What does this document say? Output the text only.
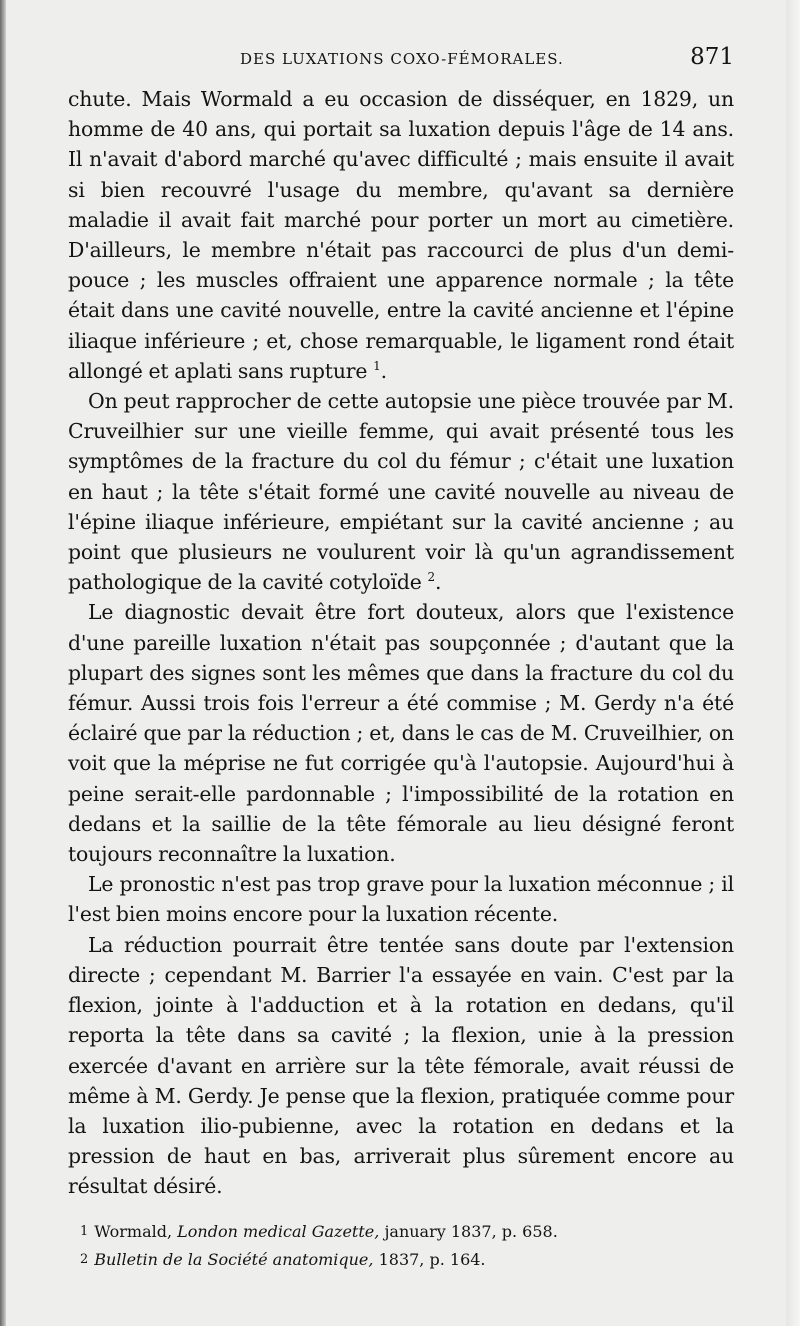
DES LUXATIONS COXO-FÉMORALES.	871

chute. Mais Wormald a eu occasion de disséquer, en 1829, un homme de 40 ans, qui portait sa luxation depuis l'âge de 14 ans. Il n'avait d'abord marché qu'avec difficulté ; mais ensuite il avait si bien recouvré l'usage du membre, qu'avant sa dernière maladie il avait fait marché pour porter un mort au cimetière. D'ailleurs, le membre n'était pas raccourci de plus d'un demi-pouce ; les muscles offraient une apparence normale ; la tête était dans une cavité nouvelle, entre la cavité ancienne et l'épine iliaque inférieure ; et, chose remarquable, le ligament rond était allongé et aplati sans rupture $^1$.

On peut rapprocher de cette autopsie une pièce trouvée par M. Cruveilhier sur une vieille femme, qui avait présenté tous les symptômes de la fracture du col du fémur ; c'était une luxation en haut ; la tête s'était formé une cavité nouvelle au niveau de l'épine iliaque inférieure, empiétant sur la cavité ancienne ; au point que plusieurs ne voulurent voir là qu'un agrandissement pathologique de la cavité cotyloïde $^2$.

Le diagnostic devait être fort douteux, alors que l'existence d'une pareille luxation n'était pas soupçonnée ; d'autant que la plupart des signes sont les mêmes que dans la fracture du col du fémur. Aussi trois fois l'erreur a été commise ; M. Gerdy n'a été éclairé que par la réduction ; et, dans le cas de M. Cruveilhier, on voit que la méprise ne fut corrigée qu'à l'autopsie. Aujourd'hui à peine serait-elle pardonnable ; l'impossibilité de la rotation en dedans et la saillie de la tête fémorale au lieu désigné feront toujours reconnaître la luxation.

Le pronostic n'est pas trop grave pour la luxation méconnue ; il l'est bien moins encore pour la luxation récente.

La réduction pourrait être tentée sans doute par l'extension directe ; cependant M. Barrier l'a essayée en vain. C'est par la flexion, jointe à l'adduction et à la rotation en dedans, qu'il reporta la tête dans sa cavité ; la flexion, unie à la pression exercée d'avant en arrière sur la tête fémorale, avait réussi de même à M. Gerdy. Je pense que la flexion, pratiquée comme pour la luxation ilio-pubienne, avec la rotation en dedans et la pression de haut en bas, arriverait plus sûrement encore au résultat désiré.

1 Wormald, London medical Gazette, january 1837, p. 658.

2 Bulletin de la Société anatomique, 1837, p. 164.
